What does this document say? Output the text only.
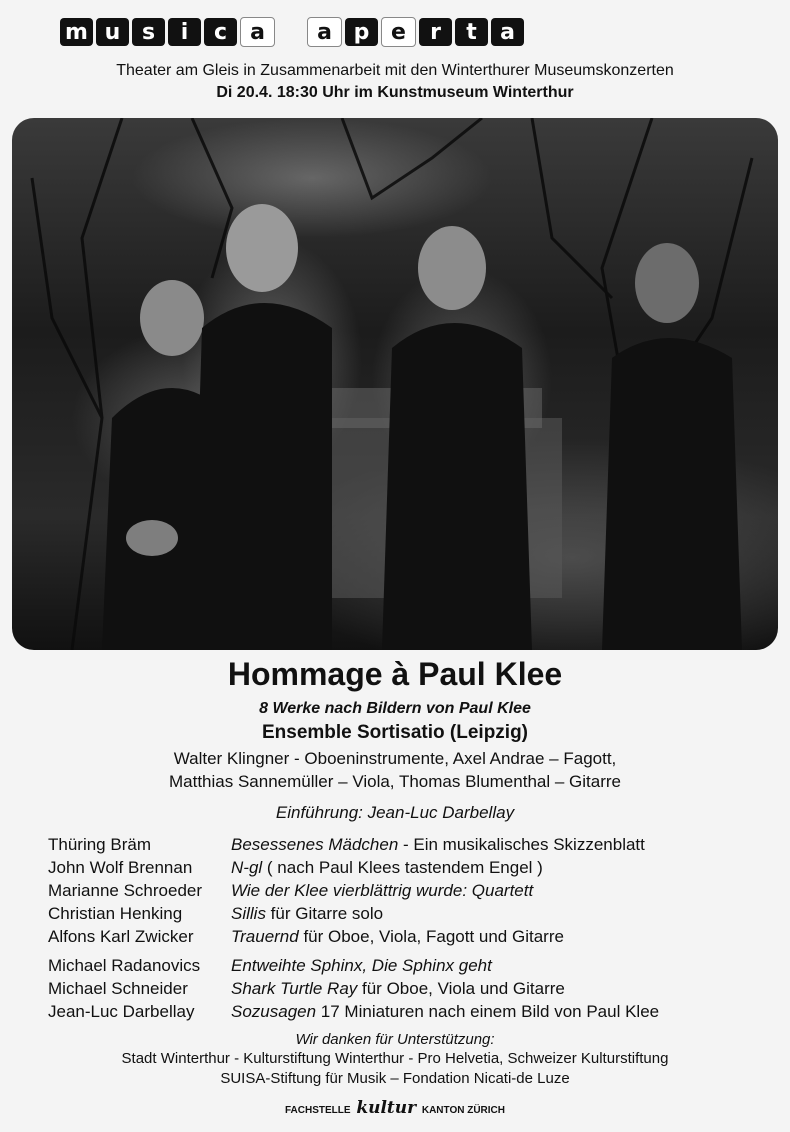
m u s	i	c	a	a p e	r	t	a
Theater am Gleis in Zusammenarbeit mit den Winterthurer Museumskonzerten
Di 20.4. 18:30 Uhr im Kunstmuseum Winterthur
Hommage à Paul Klee
8 Werke nach Bildern von Paul Klee
Ensemble Sortisatio (Leipzig)
Walter Klingner - Oboeninstrumente, Axel Andrae – Fagott,
Matthias Sannemüller – Viola, Thomas Blumenthal – Gitarre
Einführung: Jean-Luc Darbellay
Thüring Bräm	Besessenes Mädchen - Ein musikalisches Skizzenblatt
John Wolf Brennan	N-gl ( nach Paul Klees tastendem Engel )
Marianne Schroeder	Wie der Klee vierblättrig wurde: Quartett
Christian Henking	Sillis für Gitarre solo
Alfons Karl Zwicker	Trauernd für Oboe, Viola, Fagott und Gitarre
Michael Radanovics	Entweihte Sphinx, Die Sphinx geht
Michael Schneider	Shark Turtle Ray für Oboe, Viola und Gitarre
Jean-Luc Darbellay	Sozusagen 17 Miniaturen nach einem Bild von Paul Klee
Wir danken für Unterstützung:
Stadt Winterthur - Kulturstiftung Winterthur - Pro Helvetia, Schweizer Kulturstiftung
SUISA-Stiftung für Musik – Fondation Nicati-de Luze
FACHSTELLE kultur KANTON ZÜRICH
